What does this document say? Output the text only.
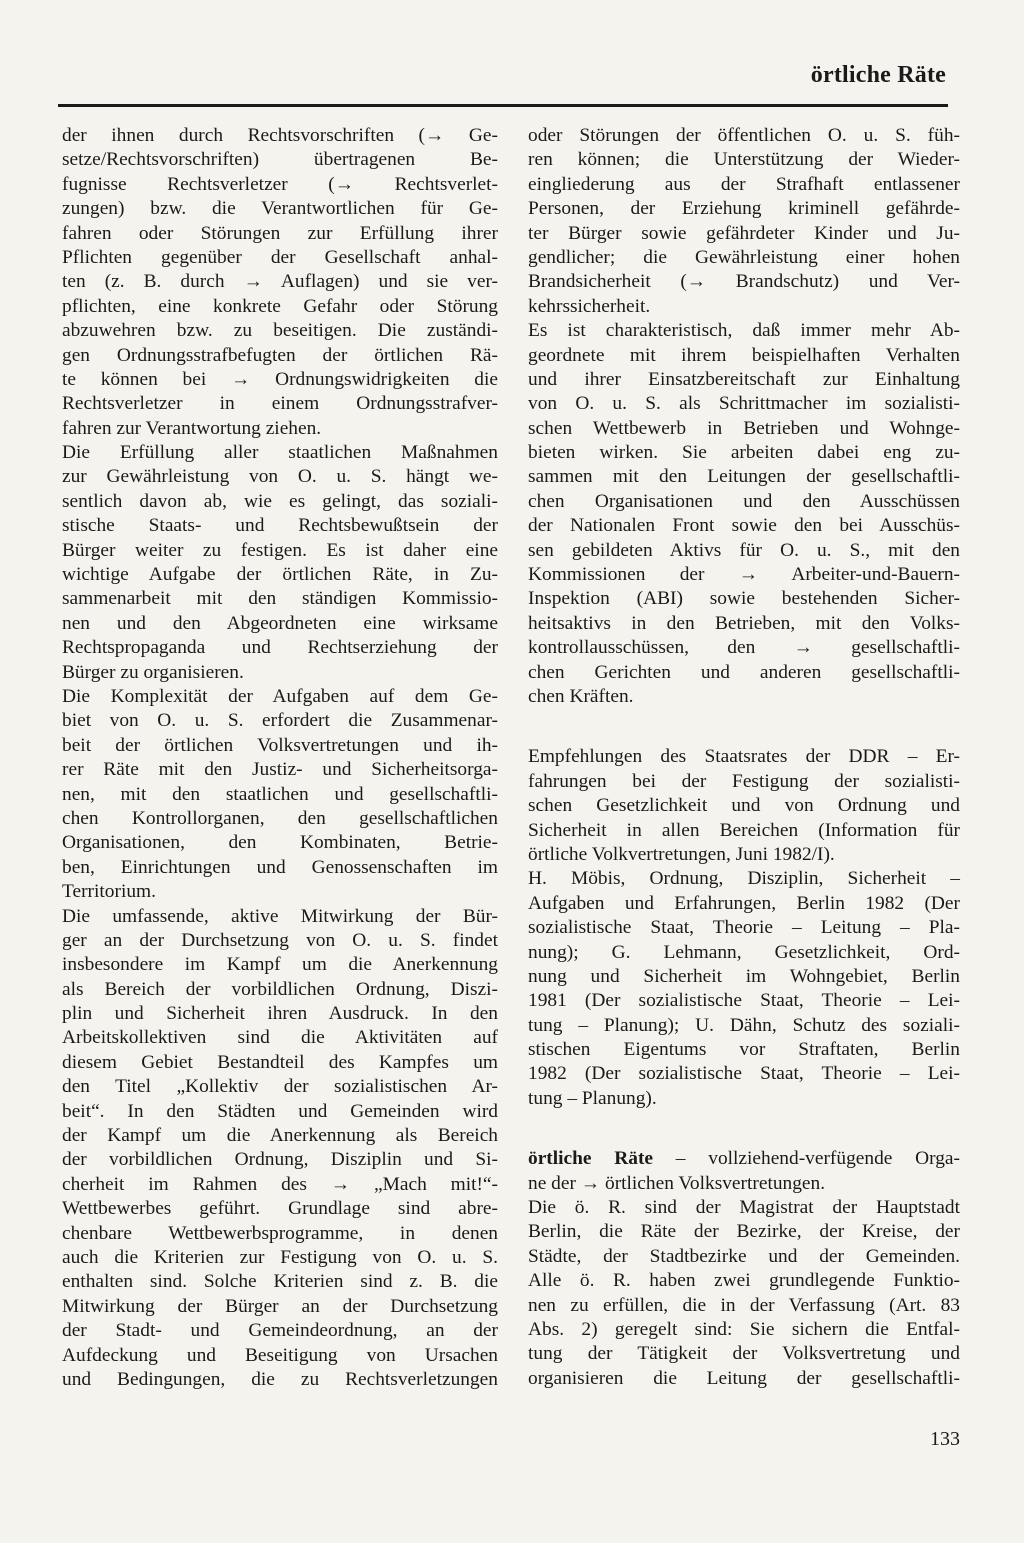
örtliche Räte
der ihnen durch Rechtsvorschriften (→ Ge-
setze/Rechtsvorschriften) übertragenen Be-
fugnisse Rechtsverletzer (→ Rechtsverlet-
zungen) bzw. die Verantwortlichen für Ge-
fahren oder Störungen zur Erfüllung ihrer
Pflichten gegenüber der Gesellschaft anhal-
ten (z. B. durch → Auflagen) und sie ver-
pflichten, eine konkrete Gefahr oder Störung
abzuwehren bzw. zu beseitigen. Die zuständi-
gen Ordnungsstrafbefugten der örtlichen Rä-
te können bei → Ordnungswidrigkeiten die
Rechtsverletzer in einem Ordnungsstrafver-
fahren zur Verantwortung ziehen.
Die Erfüllung aller staatlichen Maßnahmen
zur Gewährleistung von O. u. S. hängt we-
sentlich davon ab, wie es gelingt, das soziali-
stische Staats- und Rechtsbewußtsein der
Bürger weiter zu festigen. Es ist daher eine
wichtige Aufgabe der örtlichen Räte, in Zu-
sammenarbeit mit den ständigen Kommissio-
nen und den Abgeordneten eine wirksame
Rechtspropaganda und Rechtserziehung der
Bürger zu organisieren.
Die Komplexität der Aufgaben auf dem Ge-
biet von O. u. S. erfordert die Zusammenar-
beit der örtlichen Volksvertretungen und ih-
rer Räte mit den Justiz- und Sicherheitsorga-
nen, mit den staatlichen und gesellschaftli-
chen Kontrollorganen, den gesellschaftlichen
Organisationen, den Kombinaten, Betrie-
ben, Einrichtungen und Genossenschaften im
Territorium.
Die umfassende, aktive Mitwirkung der Bür-
ger an der Durchsetzung von O. u. S. findet
insbesondere im Kampf um die Anerkennung
als Bereich der vorbildlichen Ordnung, Diszi-
plin und Sicherheit ihren Ausdruck. In den
Arbeitskollektiven sind die Aktivitäten auf
diesem Gebiet Bestandteil des Kampfes um
den Titel „Kollektiv der sozialistischen Ar-
beit“. In den Städten und Gemeinden wird
der Kampf um die Anerkennung als Bereich
der vorbildlichen Ordnung, Disziplin und Si-
cherheit im Rahmen des → „Mach mit!“-
Wettbewerbes geführt. Grundlage sind abre-
chenbare Wettbewerbsprogramme, in denen
auch die Kriterien zur Festigung von O. u. S.
enthalten sind. Solche Kriterien sind z. B. die
Mitwirkung der Bürger an der Durchsetzung
der Stadt- und Gemeindeordnung, an der
Aufdeckung und Beseitigung von Ursachen
und Bedingungen, die zu Rechtsverletzungen
oder Störungen der öffentlichen O. u. S. füh-
ren können; die Unterstützung der Wieder-
eingliederung aus der Strafhaft entlassener
Personen, der Erziehung kriminell gefährde-
ter Bürger sowie gefährdeter Kinder und Ju-
gendlicher; die Gewährleistung einer hohen
Brandsicherheit (→ Brandschutz) und Ver-
kehrssicherheit.
Es ist charakteristisch, daß immer mehr Ab-
geordnete mit ihrem beispielhaften Verhalten
und ihrer Einsatzbereitschaft zur Einhaltung
von O. u. S. als Schrittmacher im sozialisti-
schen Wettbewerb in Betrieben und Wohnge-
bieten wirken. Sie arbeiten dabei eng zu-
sammen mit den Leitungen der gesellschaftli-
chen Organisationen und den Ausschüssen
der Nationalen Front sowie den bei Ausschüs-
sen gebildeten Aktivs für O. u. S., mit den
Kommissionen der → Arbeiter-und-Bauern-
Inspektion (ABI) sowie bestehenden Sicher-
heitsaktivs in den Betrieben, mit den Volks-
kontrollausschüssen, den → gesellschaftli-
chen Gerichten und anderen gesellschaftli-
chen Kräften.
Empfehlungen des Staatsrates der DDR – Er-
fahrungen bei der Festigung der sozialisti-
schen Gesetzlichkeit und von Ordnung und
Sicherheit in allen Bereichen (Information für
örtliche Volkvertretungen, Juni 1982/I).
H. Möbis, Ordnung, Disziplin, Sicherheit –
Aufgaben und Erfahrungen, Berlin 1982 (Der
sozialistische Staat, Theorie – Leitung – Pla-
nung); G. Lehmann, Gesetzlichkeit, Ord-
nung und Sicherheit im Wohngebiet, Berlin
1981 (Der sozialistische Staat, Theorie – Lei-
tung – Planung); U. Dähn, Schutz des soziali-
stischen Eigentums vor Straftaten, Berlin
1982 (Der sozialistische Staat, Theorie – Lei-
tung – Planung).
örtliche Räte – vollziehend-verfügende Orga-
ne der → örtlichen Volksvertretungen.
Die ö. R. sind der Magistrat der Hauptstadt
Berlin, die Räte der Bezirke, der Kreise, der
Städte, der Stadtbezirke und der Gemeinden.
Alle ö. R. haben zwei grundlegende Funktio-
nen zu erfüllen, die in der Verfassung (Art. 83
Abs. 2) geregelt sind: Sie sichern die Entfal-
tung der Tätigkeit der Volksvertretung und
organisieren die Leitung der gesellschaftli-
133
